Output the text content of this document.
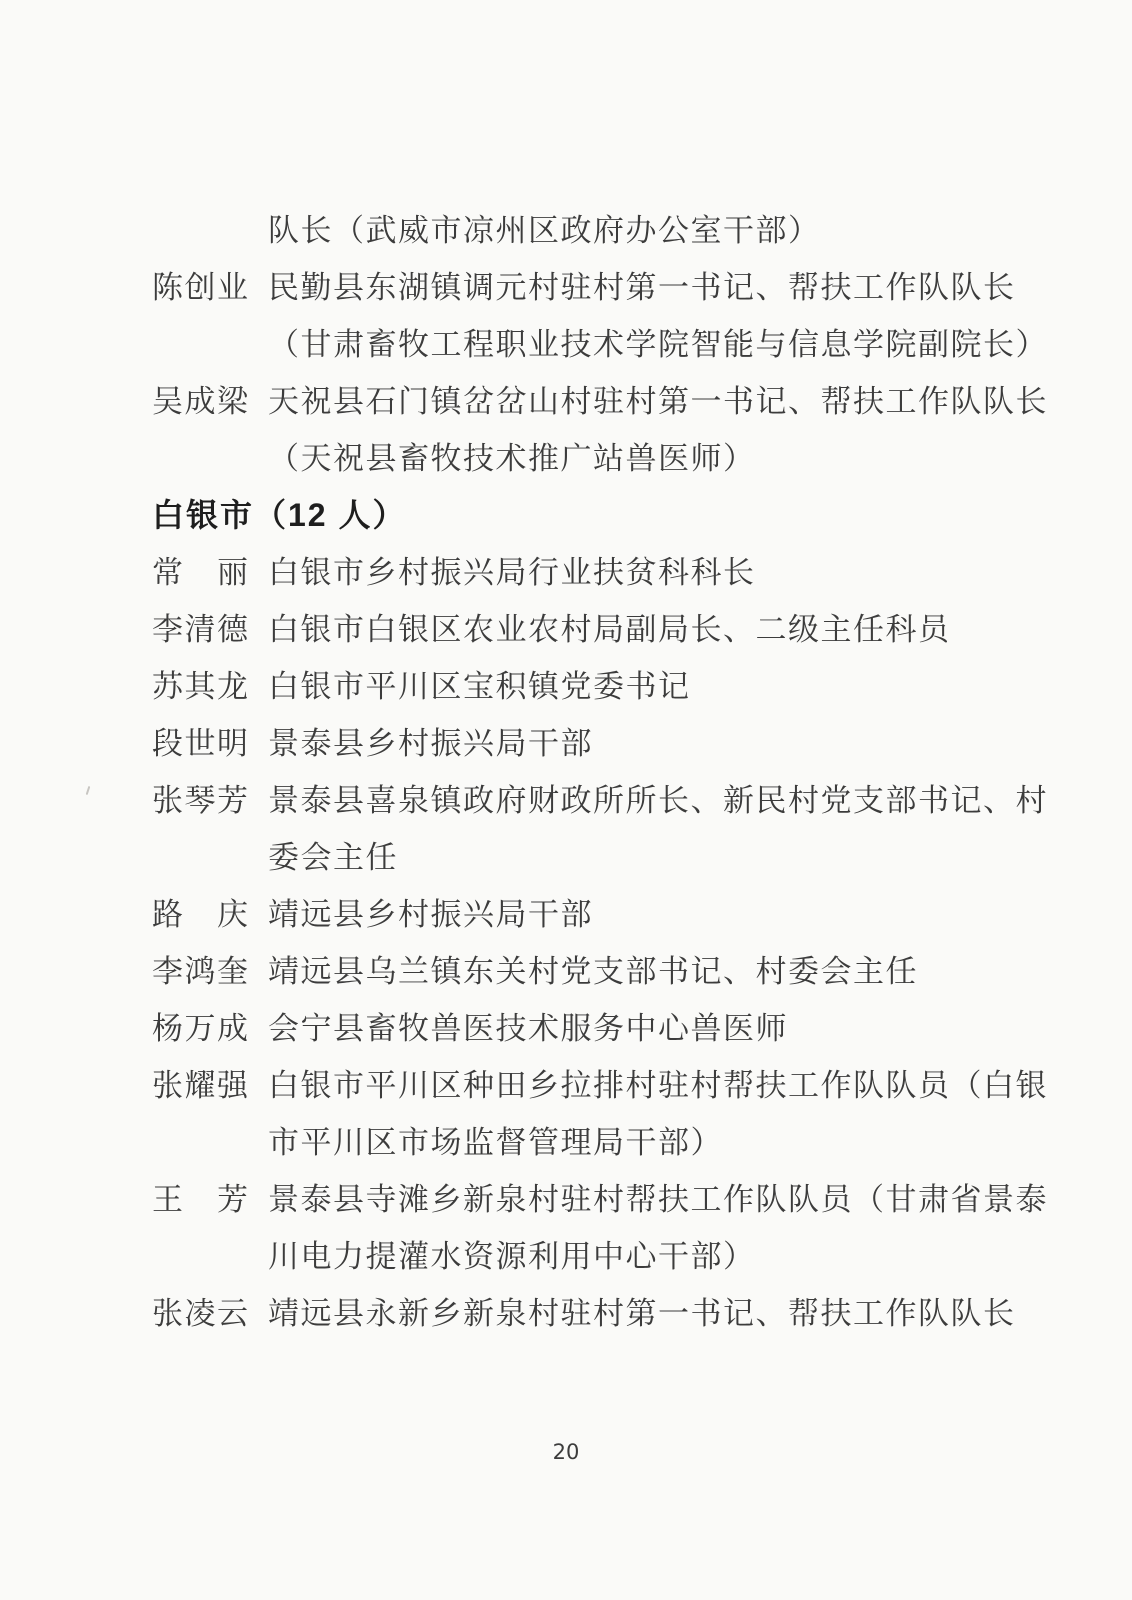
队长（武威市凉州区政府办公室干部）
陈创业 民勤县东湖镇调元村驻村第一书记、帮扶工作队队长
（甘肃畜牧工程职业技术学院智能与信息学院副院长）
吴成梁 天祝县石门镇岔岔山村驻村第一书记、帮扶工作队队长
（天祝县畜牧技术推广站兽医师）
白银市（12 人）
常　丽 白银市乡村振兴局行业扶贫科科长
李清德 白银市白银区农业农村局副局长、二级主任科员
苏其龙 白银市平川区宝积镇党委书记
段世明 景泰县乡村振兴局干部
张琴芳 景泰县喜泉镇政府财政所所长、新民村党支部书记、村
委会主任
路　庆 靖远县乡村振兴局干部
李鸿奎 靖远县乌兰镇东关村党支部书记、村委会主任
杨万成 会宁县畜牧兽医技术服务中心兽医师
张耀强 白银市平川区种田乡拉排村驻村帮扶工作队队员（白银
市平川区市场监督管理局干部）
王　芳 景泰县寺滩乡新泉村驻村帮扶工作队队员（甘肃省景泰
川电力提灌水资源利用中心干部）
张凌云 靖远县永新乡新泉村驻村第一书记、帮扶工作队队长
20
